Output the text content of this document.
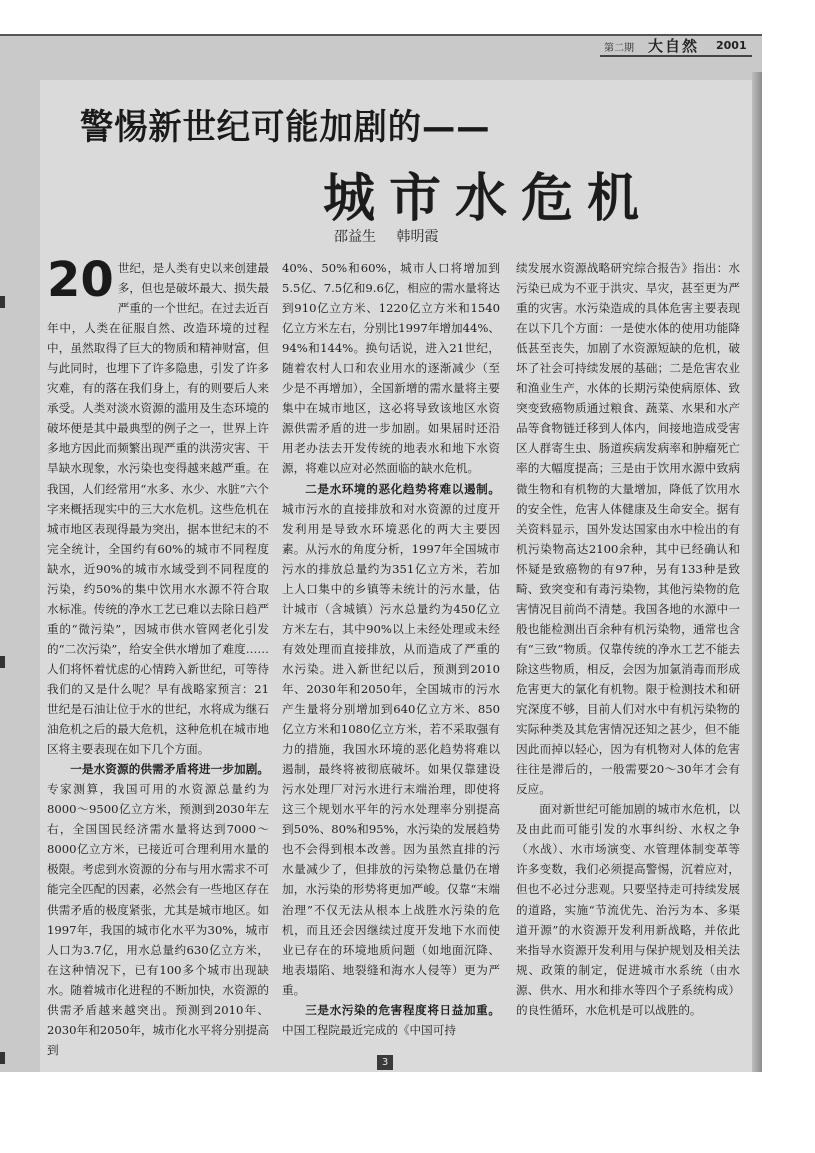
第二期 大自然 2001
警惕新世纪可能加剧的——
城市水危机
邵益生 韩明霞

20 世纪，是人类有史以来创建最多，但也是破坏最大、损失最严重的一个世纪。在过去近百年中，人类在征服自然、改造环境的过程中，虽然取得了巨大的物质和精神财富，但与此同时，也埋下了许多隐患，引发了许多灾难，有的落在我们身上，有的则要后人来承受。人类对淡水资源的滥用及生态环境的破坏便是其中最典型的例子之一，世界上许多地方因此而频繁出现严重的洪涝灾害、干旱缺水现象，水污染也变得越来越严重。在我国，人们经常用“水多、水少、水脏”六个字来概括现实中的三大水危机。这些危机在城市地区表现得最为突出，据本世纪末的不完全统计，全国约有60%的城市不同程度缺水，近90%的城市水域受到不同程度的污染，约50%的集中饮用水水源不符合取水标准。传统的净水工艺已难以去除日趋严重的“微污染”，因城市供水管网老化引发的“二次污染”，给安全供水增加了难度……人们将怀着忧虑的心情跨入新世纪，可等待我们的又是什么呢？早有战略家预言：21世纪是石油让位于水的世纪，水将成为继石油危机之后的最大危机，这种危机在城市地区将主要表现在如下几个方面。

一是水资源的供需矛盾将进一步加剧。专家测算，我国可用的水资源总量约为8000～9500亿立方米，预测到2030年左右，全国国民经济需水量将达到7000～8000亿立方米，已接近可合理利用水量的极限。考虑到水资源的分布与用水需求不可能完全匹配的因素，必然会有一些地区存在供需矛盾的极度紧张，尤其是城市地区。如1997年，我国的城市化水平为30%，城市人口为3.7亿，用水总量约630亿立方米，在这种情况下，已有100多个城市出现缺水。随着城市化进程的不断加快，水资源的供需矛盾越来越突出。预测到2010年、2030年和2050年，城市化水平将分别提高到

40%、50%和60%，城市人口将增加到5.5亿、7.5亿和9.6亿，相应的需水量将达到910亿立方米、1220亿立方米和1540亿立方米左右，分别比1997年增加44%、94%和144%。换句话说，进入21世纪，随着农村人口和农业用水的逐渐减少（至少是不再增加），全国新增的需水量将主要集中在城市地区，这必将导致该地区水资源供需矛盾的进一步加剧。如果届时还沿用老办法去开发传统的地表水和地下水资源，将难以应对必然面临的缺水危机。

二是水环境的恶化趋势将难以遏制。城市污水的直接排放和对水资源的过度开发利用是导致水环境恶化的两大主要因素。从污水的角度分析，1997年全国城市污水的排放总量约为351亿立方米，若加上人口集中的乡镇等未统计的污水量，估计城市（含城镇）污水总量约为450亿立方米左右，其中90%以上未经处理或未经有效处理而直接排放，从而造成了严重的水污染。进入新世纪以后，预测到2010年、2030年和2050年，全国城市的污水产生量将分别增加到640亿立方米、850亿立方米和1080亿立方米，若不采取强有力的措施，我国水环境的恶化趋势将难以遏制，最终将被彻底破坏。如果仅靠建设污水处理厂对污水进行末端治理，即使将这三个规划水平年的污水处理率分别提高到50%、80%和95%，水污染的发展趋势也不会得到根本改善。因为虽然直排的污水量减少了，但排放的污染物总量仍在增加，水污染的形势将更加严峻。仅靠“末端治理”不仅无法从根本上战胜水污染的危机，而且还会因继续过度开发地下水而使业已存在的环境地质问题（如地面沉降、地表塌陷、地裂缝和海水人侵等）更为严重。

三是水污染的危害程度将日益加重。中国工程院最近完成的《中国可持

续发展水资源战略研究综合报告》指出：水污染已成为不亚于洪灾、旱灾，甚至更为严重的灾害。水污染造成的具体危害主要表现在以下几个方面：一是使水体的使用功能降低甚至丧失，加剧了水资源短缺的危机，破坏了社会可持续发展的基础；二是危害农业和渔业生产，水体的长期污染使病原体、致突变致癌物质通过粮食、蔬菜、水果和水产品等食物链迁移到人体内，间接地造成受害区人群寄生虫、肠道疾病发病率和肿瘤死亡率的大幅度提高；三是由于饮用水源中致病微生物和有机物的大量增加，降低了饮用水的安全性，危害人体健康及生命安全。据有关资料显示，国外发达国家由水中检出的有机污染物高达2100余种，其中已经确认和怀疑是致癌物的有97种，另有133种是致畸、致突变和有毒污染物，其他污染物的危害情况目前尚不清楚。我国各地的水源中一般也能检测出百余种有机污染物，通常也含有“三致”物质。仅靠传统的净水工艺不能去除这些物质，相反，会因为加氯消毒而形成危害更大的氯化有机物。限于检测技术和研究深度不够，目前人们对水中有机污染物的实际种类及其危害情况还知之甚少，但不能因此而掉以轻心，因为有机物对人体的危害往往是滞后的，一般需要20～30年才会有反应。

面对新世纪可能加剧的城市水危机，以及由此而可能引发的水事纠纷、水权之争（水战）、水市场演变、水管理体制变革等许多变数，我们必须提高警惕，沉着应对，但也不必过分悲观。只要坚持走可持续发展的道路，实施“节流优先、治污为本、多渠道开源”的水资源开发利用新战略，并依此来指导水资源开发利用与保护规划及相关法规、政策的制定，促进城市水系统（由水源、供水、用水和排水等四个子系统构成）的良性循环，水危机是可以战胜的。

3
